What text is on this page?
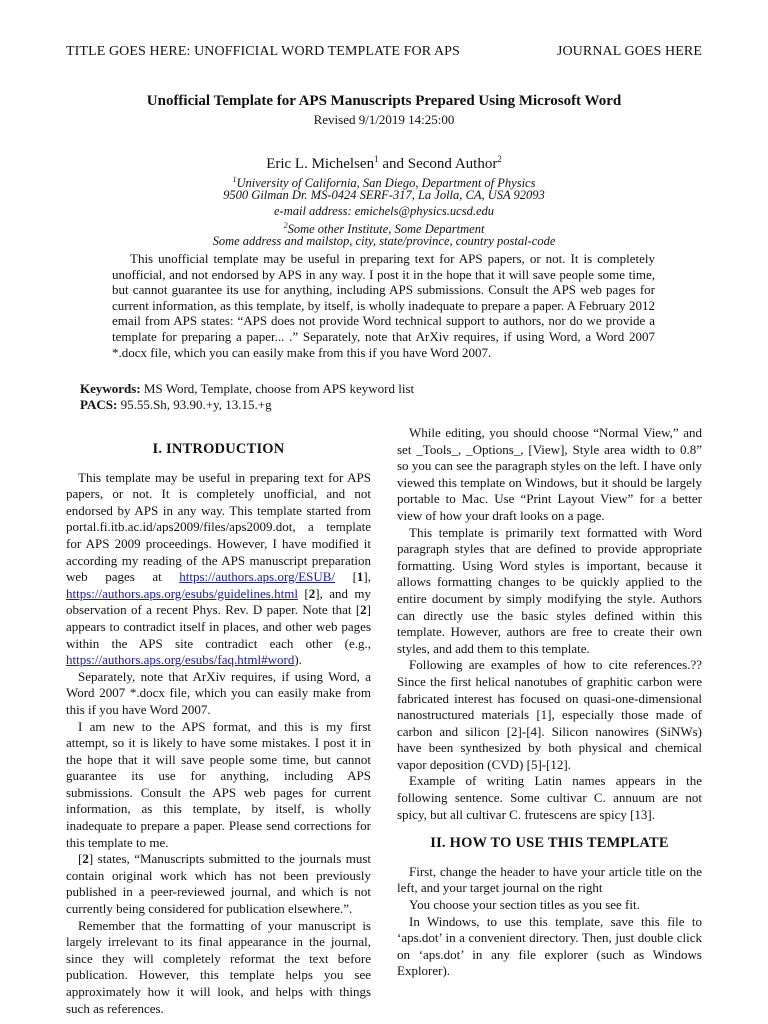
TITLE GOES HERE: UNOFFICIAL WORD TEMPLATE FOR APS	JOURNAL GOES HERE
Unofficial Template for APS Manuscripts Prepared Using Microsoft Word
Revised 9/1/2019 14:25:00
Eric L. Michelsen$^1$ and Second Author$^2$
$^1$University of California, San Diego, Department of Physics
9500 Gilman Dr. MS-0424 SERF-317, La Jolla, CA, USA 92093
e-mail address: emichels@physics.ucsd.edu
$^2$Some other Institute, Some Department
Some address and mailstop, city, state/province, country postal-code
This unofficial template may be useful in preparing text for APS papers, or not. It is completely unofficial, and not endorsed by APS in any way. I post it in the hope that it will save people some time, but cannot guarantee its use for anything, including APS submissions. Consult the APS web pages for current information, as this template, by itself, is wholly inadequate to prepare a paper. A February 2012 email from APS states: “APS does not provide Word technical support to authors, nor do we provide a template for preparing a paper... .” Separately, note that ArXiv requires, if using Word, a Word 2007 *.docx file, which you can easily make from this if you have Word 2007.
Keywords: MS Word, Template, choose from APS keyword list
PACS: 95.55.Sh, 93.90.+y, 13.15.+g
I. INTRODUCTION

This template may be useful in preparing text for APS papers, or not. It is completely unofficial, and not endorsed by APS in any way. This template started from portal.fi.itb.ac.id/aps2009/files/aps2009.dot, a template for APS 2009 proceedings. However, I have modified it according my reading of the APS manuscript preparation web pages at https://authors.aps.org/ESUB/ [1], https://authors.aps.org/esubs/guidelines.html [2], and my observation of a recent Phys. Rev. D paper. Note that [2] appears to contradict itself in places, and other web pages within the APS site contradict each other (e.g., https://authors.aps.org/esubs/faq.html#word).

Separately, note that ArXiv requires, if using Word, a Word 2007 *.docx file, which you can easily make from this if you have Word 2007.

I am new to the APS format, and this is my first attempt, so it is likely to have some mistakes. I post it in the hope that it will save people some time, but cannot guarantee its use for anything, including APS submissions. Consult the APS web pages for current information, as this template, by itself, is wholly inadequate to prepare a paper. Please send corrections for this template to me.

[2] states, “Manuscripts submitted to the journals must contain original work which has not been previously published in a peer-reviewed journal, and which is not currently being considered for publication elsewhere.”.

Remember that the formatting of your manuscript is largely irrelevant to its final appearance in the journal, since they will completely reformat the text before publication. However, this template helps you see approximately how it will look, and helps with things such as references.

While editing, you should choose “Normal View,” and set _Tools_, _Options_, [View], Style area width to 0.8” so you can see the paragraph styles on the left. I have only viewed this template on Windows, but it should be largely portable to Mac. Use “Print Layout View” for a better view of how your draft looks on a page.

This template is primarily text formatted with Word paragraph styles that are defined to provide appropriate formatting. Using Word styles is important, because it allows formatting changes to be quickly applied to the entire document by simply modifying the style. Authors can directly use the basic styles defined within this template. However, authors are free to create their own styles, and add them to this template.

Following are examples of how to cite references.?? Since the first helical nanotubes of graphitic carbon were fabricated interest has focused on quasi-one-dimensional nanostructured materials [1], especially those made of carbon and silicon [2]-[4]. Silicon nanowires (SiNWs) have been synthesized by both physical and chemical vapor deposition (CVD) [5]-[12].

Example of writing Latin names appears in the following sentence. Some cultivar C. annuum are not spicy, but all cultivar C. frutescens are spicy [13].

II. HOW TO USE THIS TEMPLATE

First, change the header to have your article title on the left, and your target journal on the right

You choose your section titles as you see fit.

In Windows, to use this template, save this file to ‘aps.dot’ in a convenient directory. Then, just double click on ‘aps.dot’ in any file explorer (such as Windows Explorer).
